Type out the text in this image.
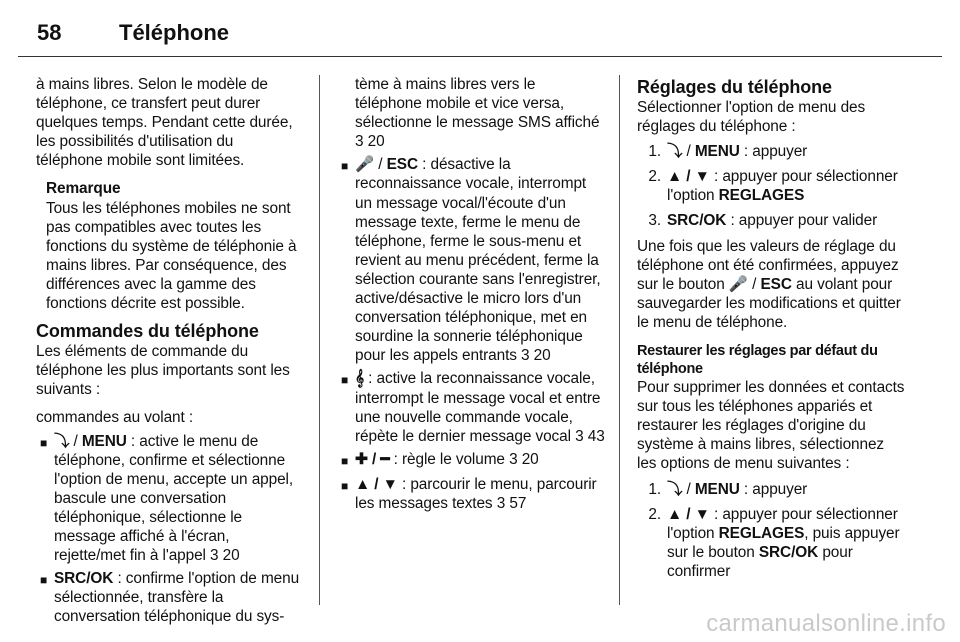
58	Téléphone

à mains libres. Selon le modèle de téléphone, ce transfert peut durer quelques temps. Pendant cette durée, les possibilités d'utilisation du téléphone mobile sont limitées.

Remarque

Tous les téléphones mobiles ne sont pas compatibles avec toutes les fonctions du système de téléphonie à mains libres. Par conséquence, des différences avec la gamme des fonctions décrite est possible.

Commandes du téléphone

Les éléments de commande du téléphone les plus importants sont les suivants :

commandes au volant :

■ ⤵ / MENU : active le menu de téléphone, confirme et sélectionne l'option de menu, accepte un appel, bascule une conversation téléphonique, sélectionne le message affiché à l'écran, rejette/met fin à l'appel 3 20
■ SRC/OK : confirme l'option de menu sélectionnée, transfère la conversation téléphonique du sys-

tème à mains libres vers le téléphone mobile et vice versa, sélectionne le message SMS affiché

3 20

■ 🎤 / ESC : désactive la reconnaissance vocale, interrompt un message vocal/l'écoute d'un message texte, ferme le menu de téléphone, ferme le sous-menu et revient au menu précédent, ferme la sélection courante sans l'enregistrer, active/désactive le micro lors d'un conversation téléphonique, met en sourdine la sonnerie téléphonique pour les appels entrants 3 20
■ 𝄞 : active la reconnaissance vocale, interrompt le message vocal et entre une nouvelle commande vocale, répète le dernier message vocal 3 43
■ ✚ / ━ : règle le volume 3 20
■ ▲ / ▼ : parcourir le menu, parcourir les messages textes 3 57
Réglages du téléphone

Sélectionner l'option de menu des réglages du téléphone :

1. ⤵ / MENU : appuyer
2. ▲ / ▼ : appuyer pour sélectionner l'option REGLAGES
3. SRC/OK : appuyer pour valider

Une fois que les valeurs de réglage du téléphone ont été confirmées, appuyez sur le bouton 🎤 / ESC au volant pour sauvegarder les modifications et quitter le menu de téléphone.

Restaurer les réglages par défaut du téléphone

Pour supprimer les données et contacts sur tous les téléphones appariés et restaurer les réglages d'origine du système à mains libres, sélectionnez les options de menu suivantes :

1. ⤵ / MENU : appuyer
2. ▲ / ▼ : appuyer pour sélectionner l'option REGLAGES, puis appuyer sur le bouton SRC/OK pour confirmer
carmanualsonline.info
